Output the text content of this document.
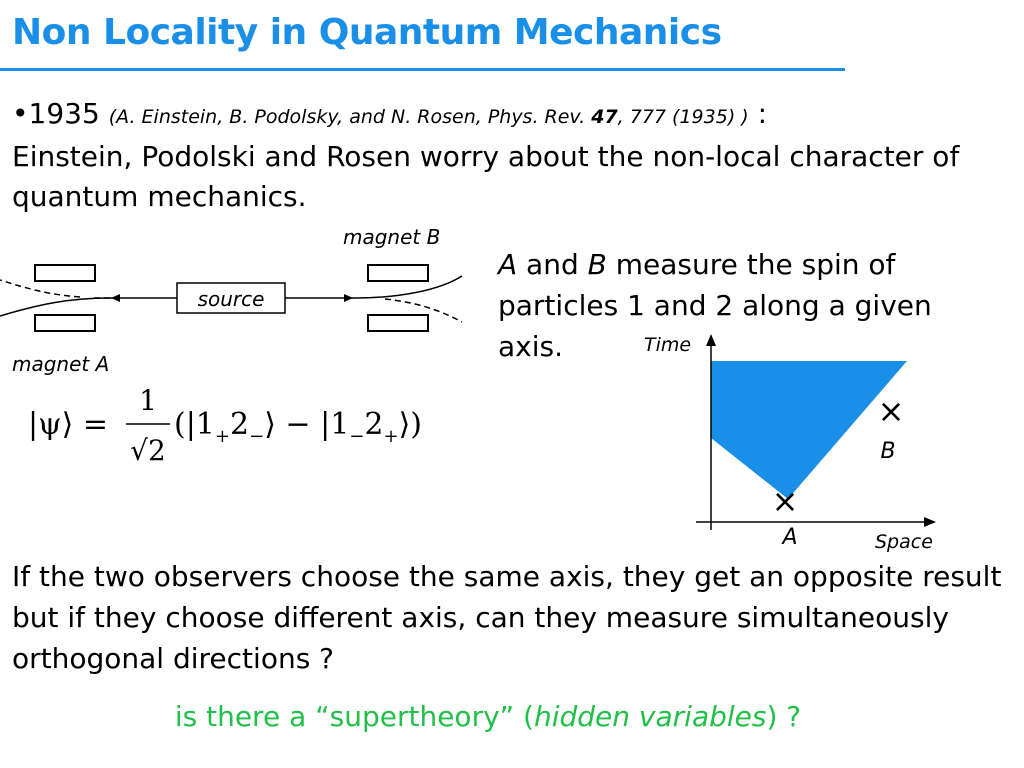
Non Locality in Quantum Mechanics
•1935 (A. Einstein, B. Podolsky, and N. Rosen, Phys. Rev. 47, 777 (1935) ) :
Einstein, Podolski and Rosen worry about the non-local character of quantum mechanics.
source
magnet B
magnet A
|ψ⟩ =
1
√2
($|1_+2_-⟩$ − $|1_-2_+⟩$)
A and B measure the spin of particles 1 and 2 along a given axis.	Time
Space
×
A
×
B
If the two observers choose the same axis, they get an opposite result but if they choose different axis, can they measure simultaneously orthogonal directions ?
is there a “supertheory” (hidden variables) ?
